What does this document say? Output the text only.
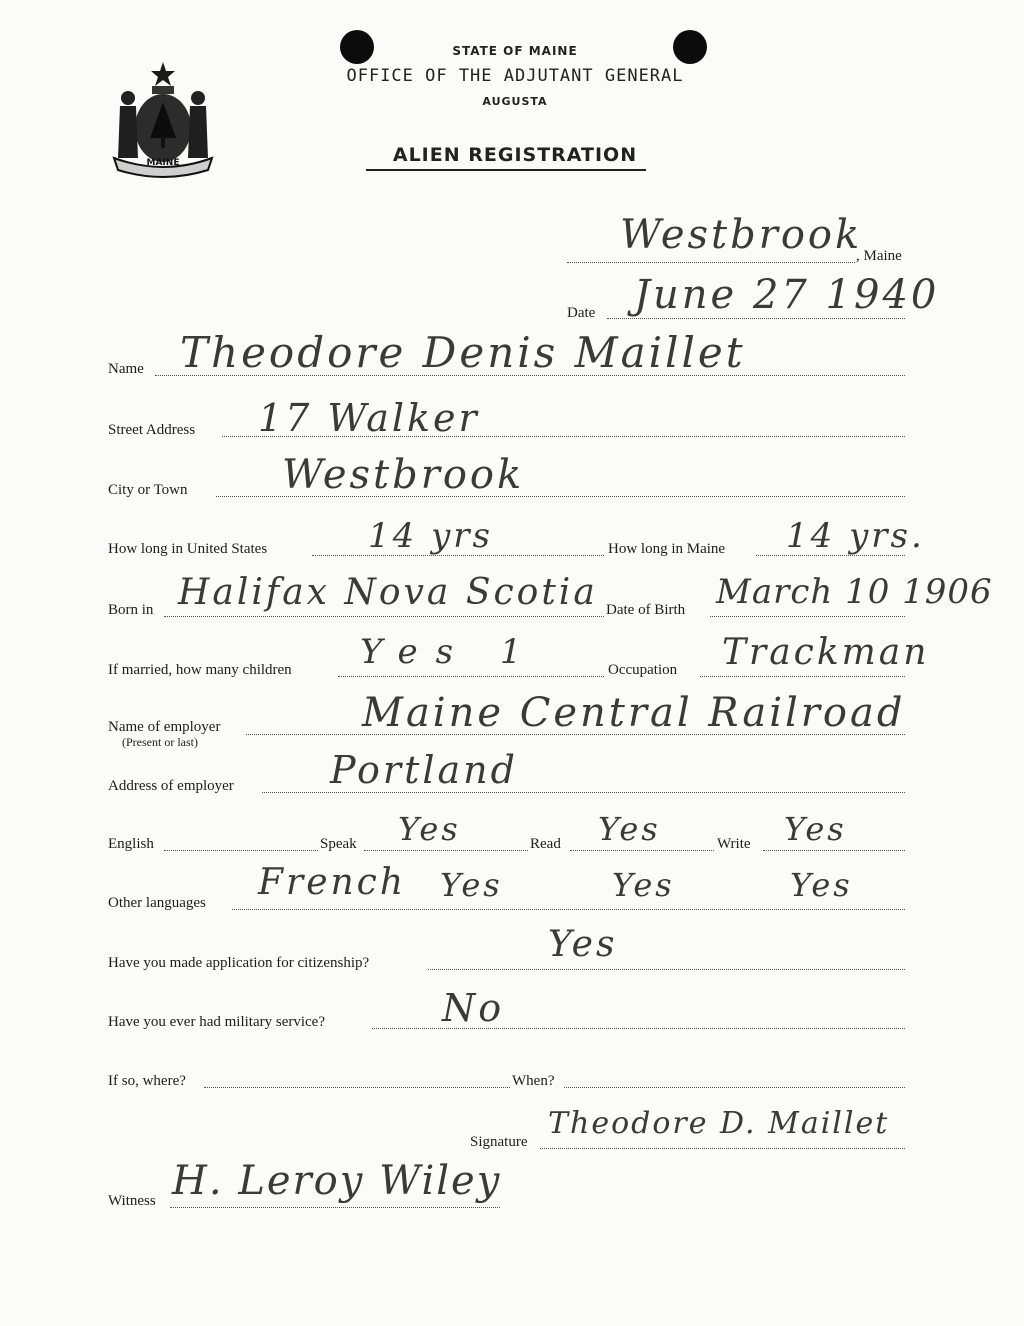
MAINE
STATE OF MAINE
OFFICE OF THE ADJUTANT GENERAL
AUGUSTA
ALIEN REGISTRATION
, Maine
Westbrook
Date June 27 1940
Name Theodore Denis Maillet
Street Address 17 Walker
City or Town Westbrook
How long in United States	14 yrs	How long in Maine 14 yrs.
Born in Halifax Nova Scotia Date of Birth March 10 1906
If married, how many children Yes 1	Occupation Trackman
Name of employer
(Present or last)
Maine Central Railroad
Address of employer	Portland
English	Speak Yes	Read Yes	Write Yes
Other languages French Yes	Yes	Yes
Have you made application for citizenship?	Yes
Have you ever had military service?	No
If so, where?	When?
Signature
Theodore D. Maillet
Witness H. Leroy Wiley
